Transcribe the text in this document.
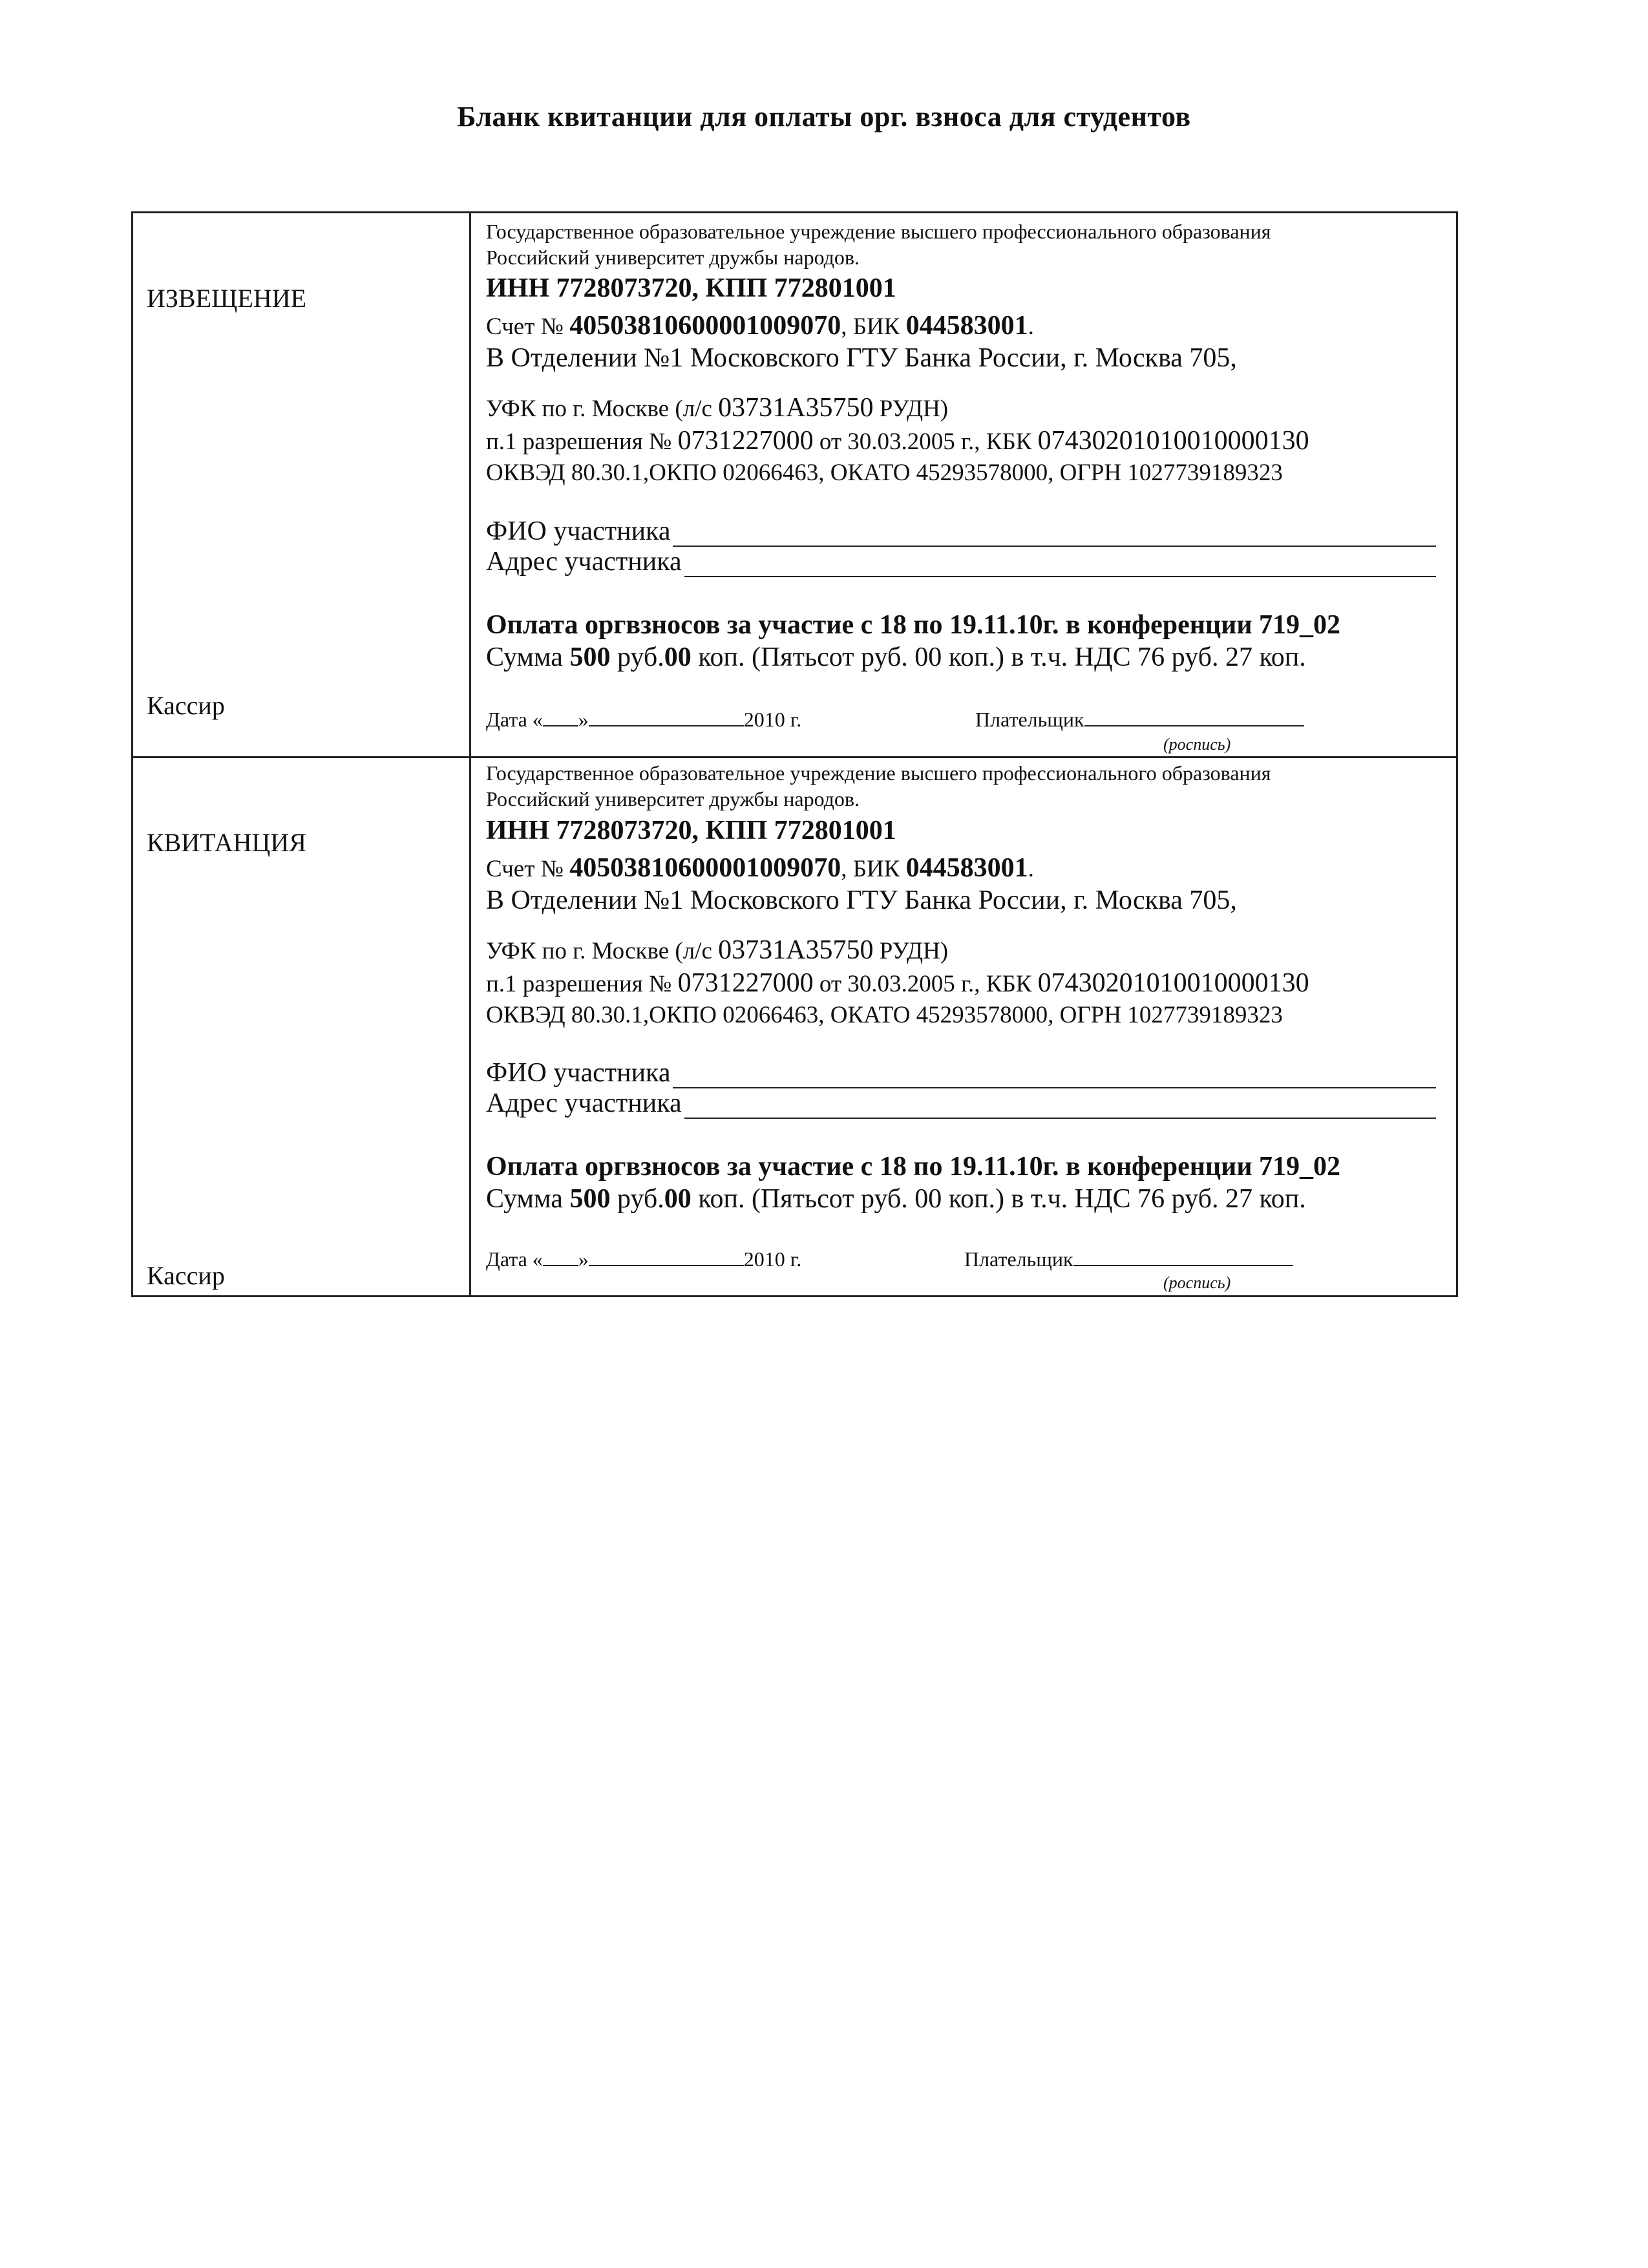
Бланк квитанции для оплаты орг. взноса для студентов
ИЗВЕЩЕНИЕ
Кассир
Государственное образовательное учреждение высшего профессионального образования
Российский университет дружбы народов.
ИНН 7728073720, КПП 772801001
Счет № 40503810600001009070, БИК 044583001.
В Отделении №1 Московского ГТУ Банка России, г. Москва 705,
УФК по г. Москве (л/с 03731А35750 РУДН)
п.1 разрешения № 0731227000 от 30.03.2005 г., КБК 07430201010010000130
ОКВЭД 80.30.1,ОКПО 02066463, ОКАТО 45293578000, ОГРН 1027739189323
ФИО участника
Адрес участника
Оплата оргвзносов за участие с 18 по 19.11.10г. в конференции 719_02
Сумма 500 руб.00 коп. (Пятьсот руб. 00 коп.) в т.ч. НДС 76 руб. 27 коп.
Дата « »	2010 г.	Плательщик
(роспись)
КВИТАНЦИЯ
Кассир
Государственное образовательное учреждение высшего профессионального образования
Российский университет дружбы народов.
ИНН 7728073720, КПП 772801001
Счет № 40503810600001009070, БИК 044583001.
В Отделении №1 Московского ГТУ Банка России, г. Москва 705,
УФК по г. Москве (л/с 03731А35750 РУДН)
п.1 разрешения № 0731227000 от 30.03.2005 г., КБК 07430201010010000130
ОКВЭД 80.30.1,ОКПО 02066463, ОКАТО 45293578000, ОГРН 1027739189323
ФИО участника
Адрес участника
Оплата оргвзносов за участие с 18 по 19.11.10г. в конференции 719_02
Сумма 500 руб.00 коп. (Пятьсот руб. 00 коп.) в т.ч. НДС 76 руб. 27 коп.
Дата « »	2010 г.	Плательщик
(роспись)
